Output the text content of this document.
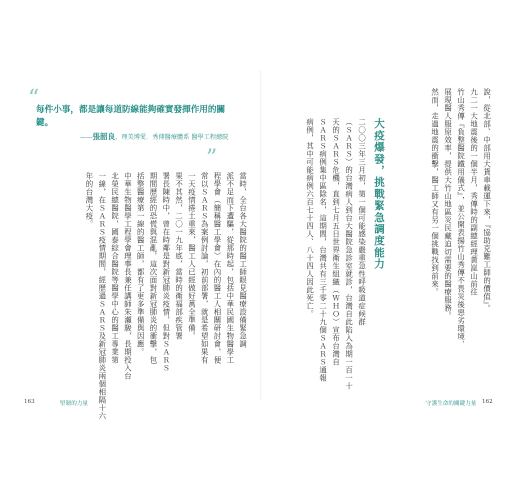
“
每件小事，都是讓每道防線能夠確實發揮作用的關鍵。
——張韶良，理美博愛．秀傳醫療體系 醫學工程總院
”
當時，全台各大醫院的醫工師眼見醫療設備緊急調
派不足而下遭驅，從那時起，包括中華民國生物醫學工
程學會（簡稱醫工學會）在內的醫工人相關研討會，便
常以ＳＡＲＳ為案例討論，初前部署，就是希望如果有
一天疫情捲土重來，醫工人已經做好萬全準備。
果不其然，二〇一九年底，當時的衛福部疾管署
署長陳時中，曾在時鄰是對新冠肺炎疫情，但對ＳＡＲＳ
期間歷經的恐慌與混亂，這次面對新冠肺炎的衝擊，包
括整醫療第一線的醫工師，都有了更多準備與因應。
中華生物醫學工程學會理事長兼任講師朱瀬駿，長期投入台
北榮民總醫院，國泰綜合醫院等醫學中心的醫工專業第
一線，在ＳＡＲＳ疫情期間，經歷過ＳＡＲＳ及新冠肺炎兩個相隔十六
年的台灣大疫。	說，從北部、中部用大貨車載運下來，『協助克難工師的價值』。
九二一大地震後的一個半月，秀傳時的副總經理黃崑山前往
竹山秀傳『負整醫院鐵用儀式』，並公開表揚竹山秀傳不畏災後惡劣環境、
展現醫人服原效率，提供大竹山地區災民藏迫切需要的醫療服務。
然而，走過地震的衝擊，醫工師又有另一個挑戰找到前來。
大疫爆發，挑戰緊急調度能力
二〇〇三年三月初，第一個可能感染嚴重急性呼吸道症候群
（ＳＡＲＳ）的台灣病人到台大醫院急診室就診，台灣自此陷入為期一百一十
天的ＳＡＲＳ危機，直到七月五日世界衛生組織（ＷＨＯ）宣布台灣自
ＳＡＲＳ病例集中區除名，這期間，台灣共有三千零二十九個ＳＡＲＳ通報
病例，其中可能病例六百七十四人、八十四人因此死亡。
163	堅韌的力量	守護生命的關鍵力量 162
